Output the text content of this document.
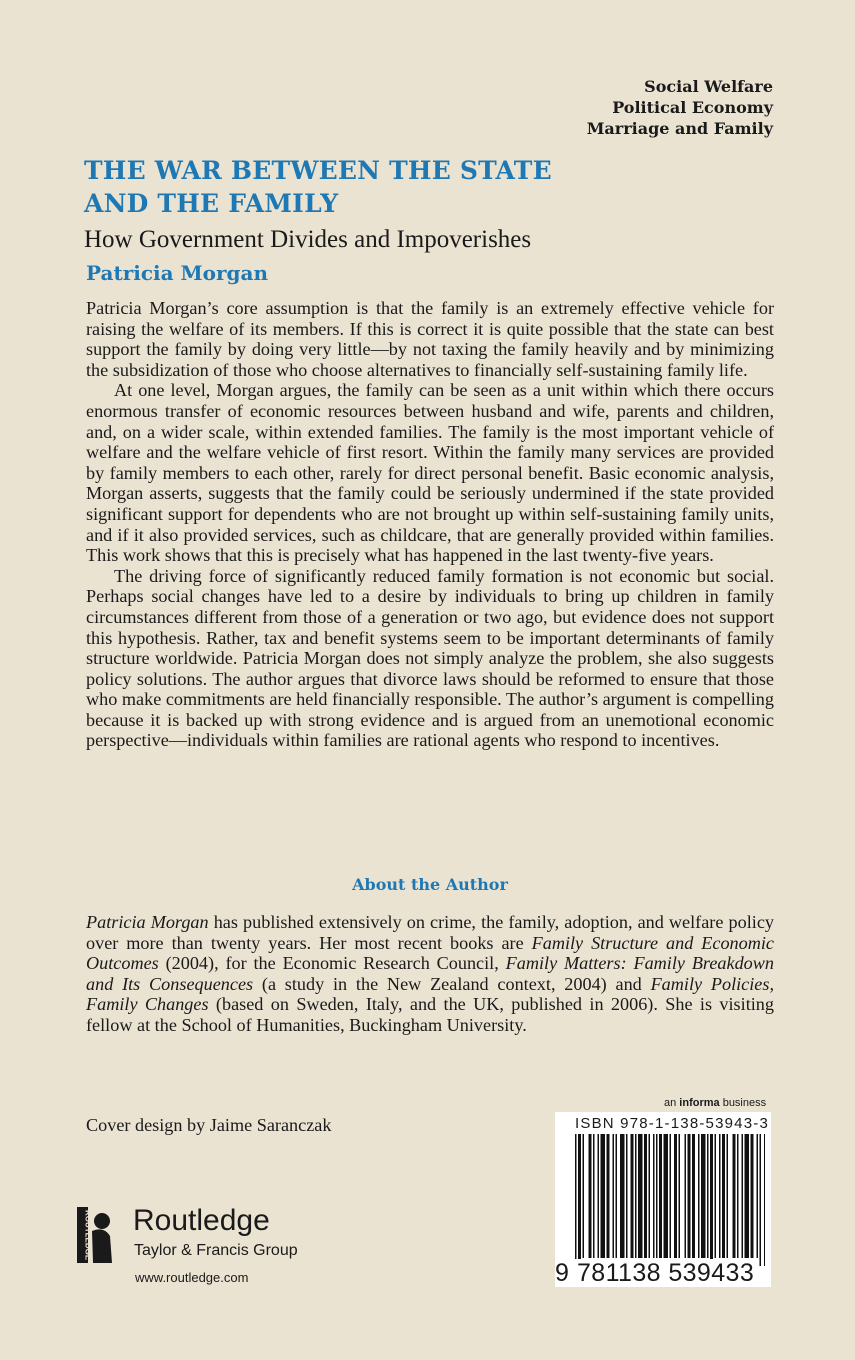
Social Welfare
Political Economy
Marriage and Family
THE WAR BETWEEN THE STATE
AND THE FAMILY
How Government Divides and Impoverishes
Patricia Morgan

Patricia Morgan’s core assumption is that the family is an extremely effective vehicle for raising the welfare of its members. If this is correct it is quite possible that the state can best support the family by doing very little—by not taxing the family heavily and by minimizing the subsidization of those who choose alternatives to financially self-sustaining family life.

At one level, Morgan argues, the family can be seen as a unit within which there occurs enormous transfer of economic resources between husband and wife, parents and children, and, on a wider scale, within extended families. The family is the most important vehicle of welfare and the welfare vehicle of first resort. Within the family many services are provided by family members to each other, rarely for direct personal benefit. Basic economic analysis, Morgan asserts, suggests that the family could be seriously undermined if the state provided significant support for dependents who are not brought up within self-sustaining family units, and if it also provided services, such as childcare, that are generally provided within families. This work shows that this is precisely what has happened in the last twenty-five years.

The driving force of significantly reduced family formation is not economic but social. Perhaps social changes have led to a desire by individuals to bring up children in family circumstances different from those of a generation or two ago, but evidence does not support this hypothesis. Rather, tax and benefit systems seem to be important determinants of family structure worldwide. Patricia Morgan does not simply analyze the problem, she also suggests policy solutions. The author argues that divorce laws should be reformed to ensure that those who make commitments are held financially responsible. The author’s argument is compelling because it is backed up with strong evidence and is argued from an unemotional economic perspective—individuals within families are rational agents who respond to incentives.

About the Author

Patricia Morgan has published extensively on crime, the family, adoption, and welfare policy over more than twenty years. Her most recent books are Family Structure and Economic Outcomes (2004), for the Economic Research Council, Family Matters: Family Breakdown and Its Consequences (a study in the New Zealand context, 2004) and Family Policies, Family Changes (based on Sweden, Italy, and the UK, published in 2006). She is visiting fellow at the School of Humanities, Buckingham University.

Cover design by Jaime Saranczak
an informa business
ISBN 978-1-138-53943-3
9 781138 539433
ROUTLEDGE Routledge
Taylor & Francis Group
www.routledge.com
